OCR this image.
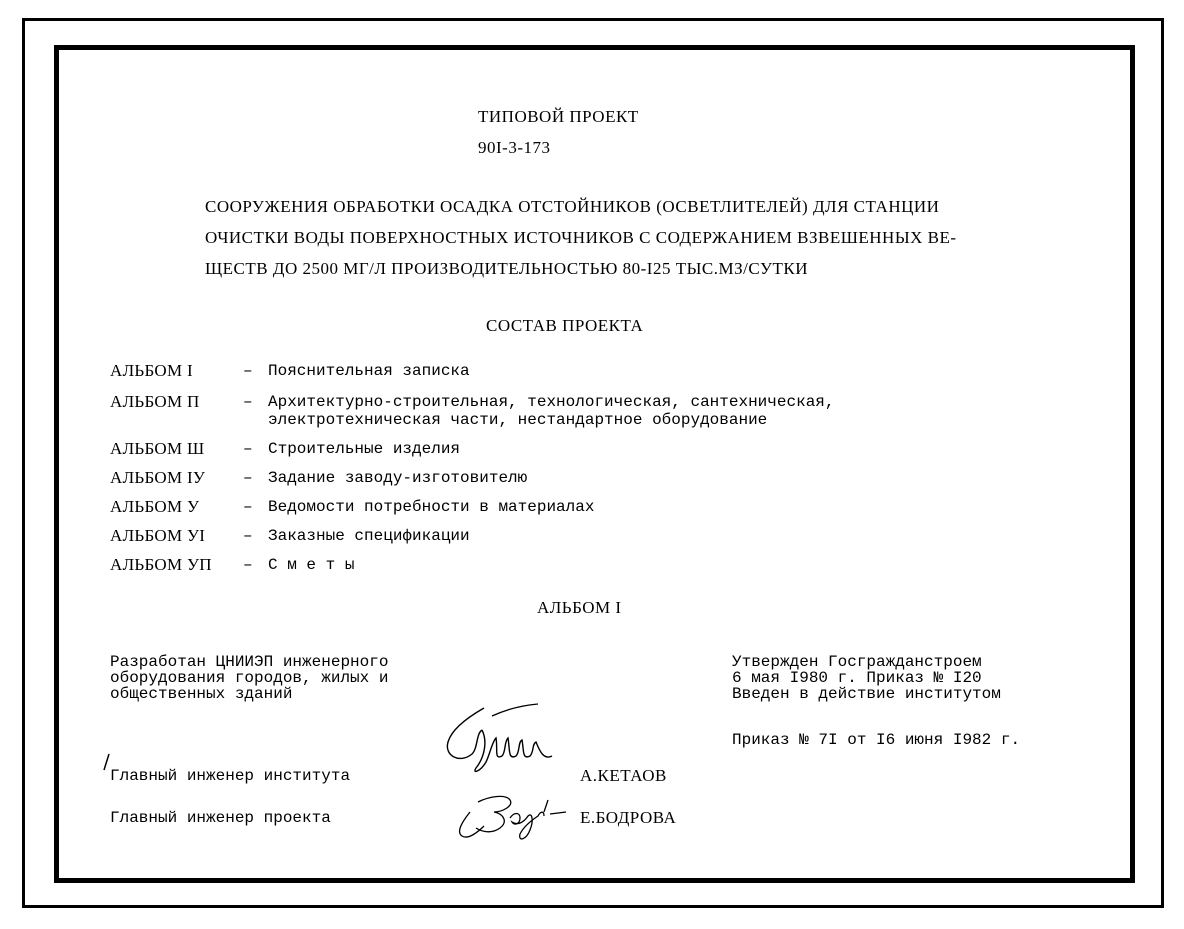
ТИПОВОЙ ПРОЕКТ
90I-3-173
СООРУЖЕНИЯ ОБРАБОТКИ ОСАДКА ОТСТОЙНИКОВ (ОСВЕТЛИТЕЛЕЙ) ДЛЯ СТАНЦИИ
ОЧИСТКИ ВОДЫ ПОВЕРХНОСТНЫХ ИСТОЧНИКОВ С СОДЕРЖАНИЕМ ВЗВЕШЕННЫХ ВЕ-
ЩЕСТВ ДО 2500 МГ/Л ПРОИЗВОДИТЕЛЬНОСТЬЮ 80-I25 ТЫС.МЗ/СУТКИ
СОСТАВ ПРОЕКТА
АЛЬБОМ I	– Пояснительная записка
АЛЬБОМ П	– Архитектурно-строительная, технологическая, сантехническая,
электротехническая части, нестандартное оборудование
АЛЬБОМ Ш – Строительные изделия
АЛЬБОМ IУ – Задание заводу-изготовителю
АЛЬБОМ У	– Ведомости потребности в материалах
АЛЬБОМ УI – Заказные спецификации
АЛЬБОМ УП – С м е т ы
АЛЬБОМ I
Разработан ЦНИИЭП инженерного
оборудования городов, жилых и
общественных зданий
Утвержден Госгражданстроем
6 мая I980 г. Приказ № I20
Введен в действие институтом
Приказ № 7I от I6 июня I982 г.
Главный инженер института	А.КЕТАОВ
Главный инженер проекта	Е.БОДРОВА
